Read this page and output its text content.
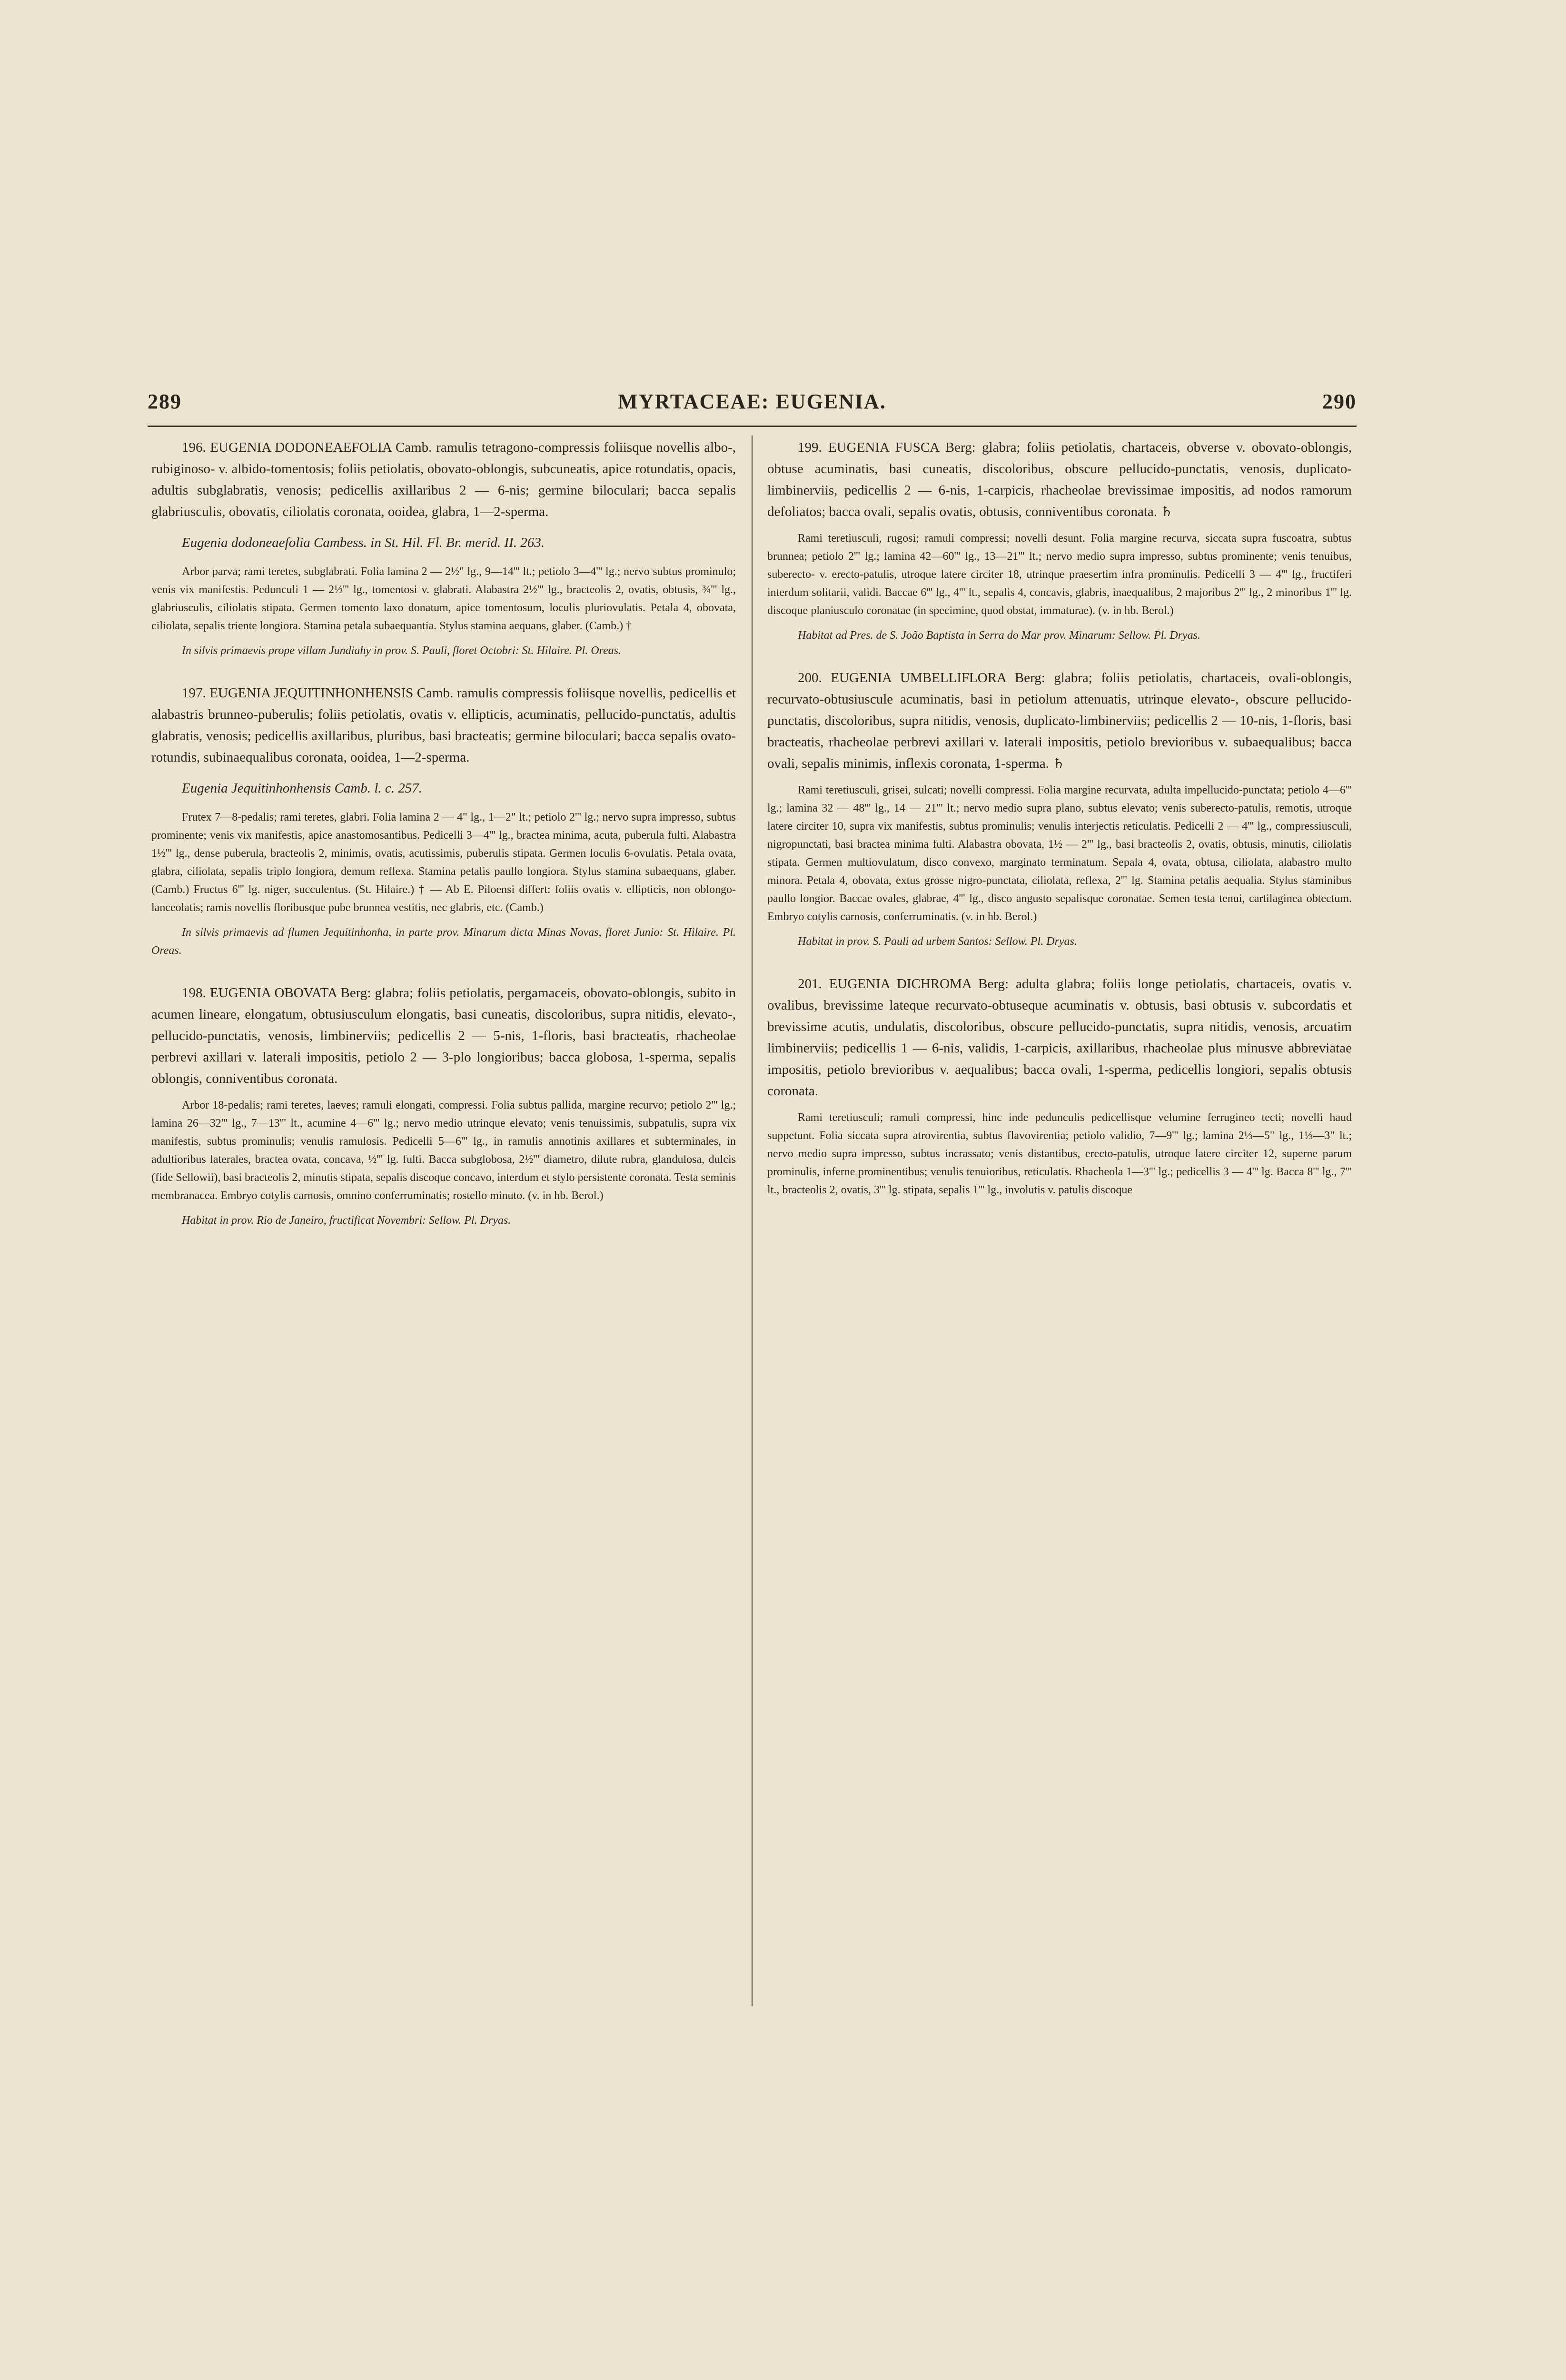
289	MYRTACEAE: EUGENIA.	290

196. EUGENIA DODONEAEFOLIA Camb. ramulis tetragono-compressis foliisque novellis albo-, rubiginoso- v. albido-tomentosis; foliis petiolatis, obovato-oblongis, subcuneatis, apice rotundatis, opacis, adultis subglabratis, venosis; pedicellis axillaribus 2 — 6-nis; germine biloculari; bacca sepalis glabriusculis, obovatis, ciliolatis coronata, ooidea, glabra, 1—2-sperma.

Eugenia dodoneaefolia Cambess. in St. Hil. Fl. Br. merid. II. 263.

Arbor parva; rami teretes, subglabrati. Folia lamina 2 — 2½" lg., 9—14''' lt.; petiolo 3—4''' lg.; nervo subtus prominulo; venis vix manifestis. Pedunculi 1 — 2½''' lg., tomentosi v. glabrati. Alabastra 2½''' lg., bracteolis 2, ovatis, obtusis, ¾''' lg., glabriusculis, ciliolatis stipata. Germen tomento laxo donatum, apice tomentosum, loculis pluriovulatis. Petala 4, obovata, ciliolata, sepalis triente longiora. Stamina petala subaequantia. Stylus stamina aequans, glaber. (Camb.) †

In silvis primaevis prope villam Jundiahy in prov. S. Pauli, floret Octobri: St. Hilaire. Pl. Oreas.

197. EUGENIA JEQUITINHONHENSIS Camb. ramulis compressis foliisque novellis, pedicellis et alabastris brunneo-puberulis; foliis petiolatis, ovatis v. ellipticis, acuminatis, pellucido-punctatis, adultis glabratis, venosis; pedicellis axillaribus, pluribus, basi bracteatis; germine biloculari; bacca sepalis ovato-rotundis, subinaequalibus coronata, ooidea, 1—2-sperma.

Eugenia Jequitinhonhensis Camb. l. c. 257.

Frutex 7—8-pedalis; rami teretes, glabri. Folia lamina 2 — 4" lg., 1—2" lt.; petiolo 2''' lg.; nervo supra impresso, subtus prominente; venis vix manifestis, apice anastomosantibus. Pedicelli 3—4''' lg., bractea minima, acuta, puberula fulti. Alabastra 1½''' lg., dense puberula, bracteolis 2, minimis, ovatis, acutissimis, puberulis stipata. Germen loculis 6-ovulatis. Petala ovata, glabra, ciliolata, sepalis triplo longiora, demum reflexa. Stamina petalis paullo longiora. Stylus stamina subaequans, glaber. (Camb.) Fructus 6''' lg. niger, succulentus. (St. Hilaire.) † — Ab E. Piloensi differt: foliis ovatis v. ellipticis, non oblongo-lanceolatis; ramis novellis floribusque pube brunnea vestitis, nec glabris, etc. (Camb.)

In silvis primaevis ad flumen Jequitinhonha, in parte prov. Minarum dicta Minas Novas, floret Junio: St. Hilaire. Pl. Oreas.

198. EUGENIA OBOVATA Berg: glabra; foliis petiolatis, pergamaceis, obovato-oblongis, subito in acumen lineare, elongatum, obtusiusculum elongatis, basi cuneatis, discoloribus, supra nitidis, elevato-, pellucido-punctatis, venosis, limbinerviis; pedicellis 2 — 5-nis, 1-floris, basi bracteatis, rhacheolae perbrevi axillari v. laterali impositis, petiolo 2 — 3-plo longioribus; bacca globosa, 1-sperma, sepalis oblongis, conniventibus coronata.

Arbor 18-pedalis; rami teretes, laeves; ramuli elongati, compressi. Folia subtus pallida, margine recurvo; petiolo 2''' lg.; lamina 26—32''' lg., 7—13''' lt., acumine 4—6''' lg.; nervo medio utrinque elevato; venis tenuissimis, subpatulis, supra vix manifestis, subtus prominulis; venulis ramulosis. Pedicelli 5—6''' lg., in ramulis annotinis axillares et subterminales, in adultioribus laterales, bractea ovata, concava, ½''' lg. fulti. Bacca subglobosa, 2½''' diametro, dilute rubra, glandulosa, dulcis (fide Sellowii), basi bracteolis 2, minutis stipata, sepalis discoque concavo, interdum et stylo persistente coronata. Testa seminis membranacea. Embryo cotylis carnosis, omnino conferruminatis; rostello minuto. (v. in hb. Berol.)

Habitat in prov. Rio de Janeiro, fructificat Novembri: Sellow. Pl. Dryas.

199. EUGENIA FUSCA Berg: glabra; foliis petiolatis, chartaceis, obverse v. obovato-oblongis, obtuse acuminatis, basi cuneatis, discoloribus, obscure pellucido-punctatis, venosis, duplicato-limbinerviis, pedicellis 2 — 6-nis, 1-carpicis, rhacheolae brevissimae impositis, ad nodos ramorum defoliatos; bacca ovali, sepalis ovatis, obtusis, conniventibus coronata. ♄

Rami teretiusculi, rugosi; ramuli compressi; novelli desunt. Folia margine recurva, siccata supra fuscoatra, subtus brunnea; petiolo 2''' lg.; lamina 42—60''' lg., 13—21''' lt.; nervo medio supra impresso, subtus prominente; venis tenuibus, suberecto- v. erecto-patulis, utroque latere circiter 18, utrinque praesertim infra prominulis. Pedicelli 3 — 4''' lg., fructiferi interdum solitarii, validi. Baccae 6''' lg., 4''' lt., sepalis 4, concavis, glabris, inaequalibus, 2 majoribus 2''' lg., 2 minoribus 1''' lg. discoque planiusculo coronatae (in specimine, quod obstat, immaturae). (v. in hb. Berol.)

Habitat ad Pres. de S. João Baptista in Serra do Mar prov. Minarum: Sellow. Pl. Dryas.

200. EUGENIA UMBELLIFLORA Berg: glabra; foliis petiolatis, chartaceis, ovali-oblongis, recurvato-obtusiuscule acuminatis, basi in petiolum attenuatis, utrinque elevato-, obscure pellucido-punctatis, discoloribus, supra nitidis, venosis, duplicato-limbinerviis; pedicellis 2 — 10-nis, 1-floris, basi bracteatis, rhacheolae perbrevi axillari v. laterali impositis, petiolo brevioribus v. subaequalibus; bacca ovali, sepalis minimis, inflexis coronata, 1-sperma. ♄

Rami teretiusculi, grisei, sulcati; novelli compressi. Folia margine recurvata, adulta impellucido-punctata; petiolo 4—6''' lg.; lamina 32 — 48''' lg., 14 — 21''' lt.; nervo medio supra plano, subtus elevato; venis suberecto-patulis, remotis, utroque latere circiter 10, supra vix manifestis, subtus prominulis; venulis interjectis reticulatis. Pedicelli 2 — 4''' lg., compressiusculi, nigropunctati, basi bractea minima fulti. Alabastra obovata, 1½ — 2''' lg., basi bracteolis 2, ovatis, obtusis, minutis, ciliolatis stipata. Germen multiovulatum, disco convexo, marginato terminatum. Sepala 4, ovata, obtusa, ciliolata, alabastro multo minora. Petala 4, obovata, extus grosse nigro-punctata, ciliolata, reflexa, 2''' lg. Stamina petalis aequalia. Stylus staminibus paullo longior. Baccae ovales, glabrae, 4''' lg., disco angusto sepalisque coronatae. Semen testa tenui, cartilaginea obtectum. Embryo cotylis carnosis, conferruminatis. (v. in hb. Berol.)

Habitat in prov. S. Pauli ad urbem Santos: Sellow. Pl. Dryas.

201. EUGENIA DICHROMA Berg: adulta glabra; foliis longe petiolatis, chartaceis, ovatis v. ovalibus, brevissime lateque recurvato-obtuseque acuminatis v. obtusis, basi obtusis v. subcordatis et brevissime acutis, undulatis, discoloribus, obscure pellucido-punctatis, supra nitidis, venosis, arcuatim limbinerviis; pedicellis 1 — 6-nis, validis, 1-carpicis, axillaribus, rhacheolae plus minusve abbreviatae impositis, petiolo brevioribus v. aequalibus; bacca ovali, 1-sperma, pedicellis longiori, sepalis obtusis coronata.

Rami teretiusculi; ramuli compressi, hinc inde pedunculis pedicellisque velumine ferrugineo tecti; novelli haud suppetunt. Folia siccata supra atrovirentia, subtus flavovirentia; petiolo validio, 7—9''' lg.; lamina 2⅓—5" lg., 1⅓—3" lt.; nervo medio supra impresso, subtus incrassato; venis distantibus, erecto-patulis, utroque latere circiter 12, superne parum prominulis, inferne prominentibus; venulis tenuioribus, reticulatis. Rhacheola 1—3''' lg.; pedicellis 3 — 4''' lg. Bacca 8''' lg., 7''' lt., bracteolis 2, ovatis, 3''' lg. stipata, sepalis 1''' lg., involutis v. patulis discoque
